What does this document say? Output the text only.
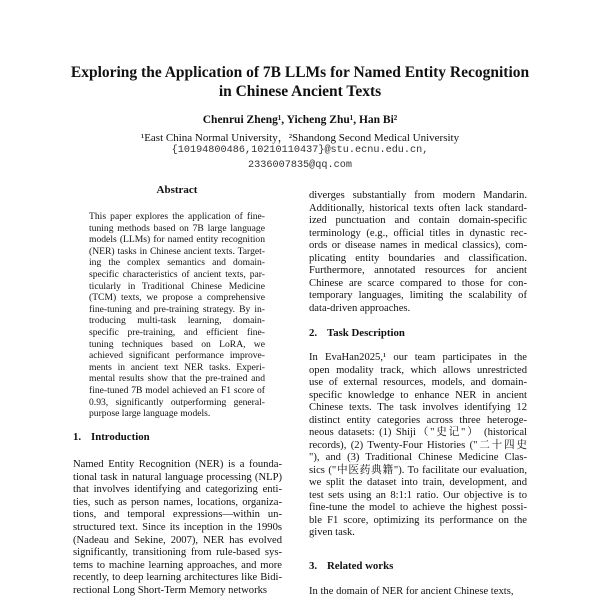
Exploring the Application of 7B LLMs for Named Entity Recognition
in Chinese Ancient Texts
Chenrui Zheng¹, Yicheng Zhu¹, Han Bi²
¹East China Normal University，²Shandong Second Medical University
{10194800486,10210110437}@stu.ecnu.edu.cn,
2336007835@qq.com
Abstract
This paper explores the application of fine-
tuning methods based on 7B large language
models (LLMs) for named entity recognition
(NER) tasks in Chinese ancient texts. Target-
ing the complex semantics and domain-
specific characteristics of ancient texts, par-
ticularly in Traditional Chinese Medicine
(TCM) texts, we propose a comprehensive
fine-tuning and pre-training strategy. By in-
troducing multi-task learning, domain-
specific pre-training, and efficient fine-
tuning techniques based on LoRA, we
achieved significant performance improve-
ments in ancient text NER tasks. Experi-
mental results show that the pre-trained and
fine-tuned 7B model achieved an F1 score of
0.93, significantly outperforming general-
purpose large language models.
1. Introduction
Named Entity Recognition (NER) is a founda-
tional task in natural language processing (NLP)
that involves identifying and categorizing enti-
ties, such as person names, locations, organiza-
tions, and temporal expressions—within un-
structured text. Since its inception in the 1990s
(Nadeau and Sekine, 2007), NER has evolved
significantly, transitioning from rule-based sys-
tems to machine learning approaches, and more
recently, to deep learning architectures like Bidi-
rectional Long Short-Term Memory networks
diverges substantially from modern Mandarin.
Additionally, historical texts often lack standard-
ized punctuation and contain domain-specific
terminology (e.g., official titles in dynastic rec-
ords or disease names in medical classics), com-
plicating entity boundaries and classification.
Furthermore, annotated resources for ancient
Chinese are scarce compared to those for con-
temporary languages, limiting the scalability of
data-driven approaches.
2. Task Description
In EvaHan2025,¹ our team participates in the
open modality track, which allows unrestricted
use of external resources, models, and domain-
specific knowledge to enhance NER in ancient
Chinese texts. The task involves identifying 12
distinct entity categories across three heteroge-
neous datasets: (1) Shiji（"史记"） (historical
records), (2) Twenty-Four Histories ("二十四史
"), and (3) Traditional Chinese Medicine Clas-
sics ("中医药典籍"). To facilitate our evaluation,
we split the dataset into train, development, and
test sets using an 8:1:1 ratio. Our objective is to
fine-tune the model to achieve the highest possi-
ble F1 score, optimizing its performance on the
given task.
3. Related works
In the domain of NER for ancient Chinese texts,
